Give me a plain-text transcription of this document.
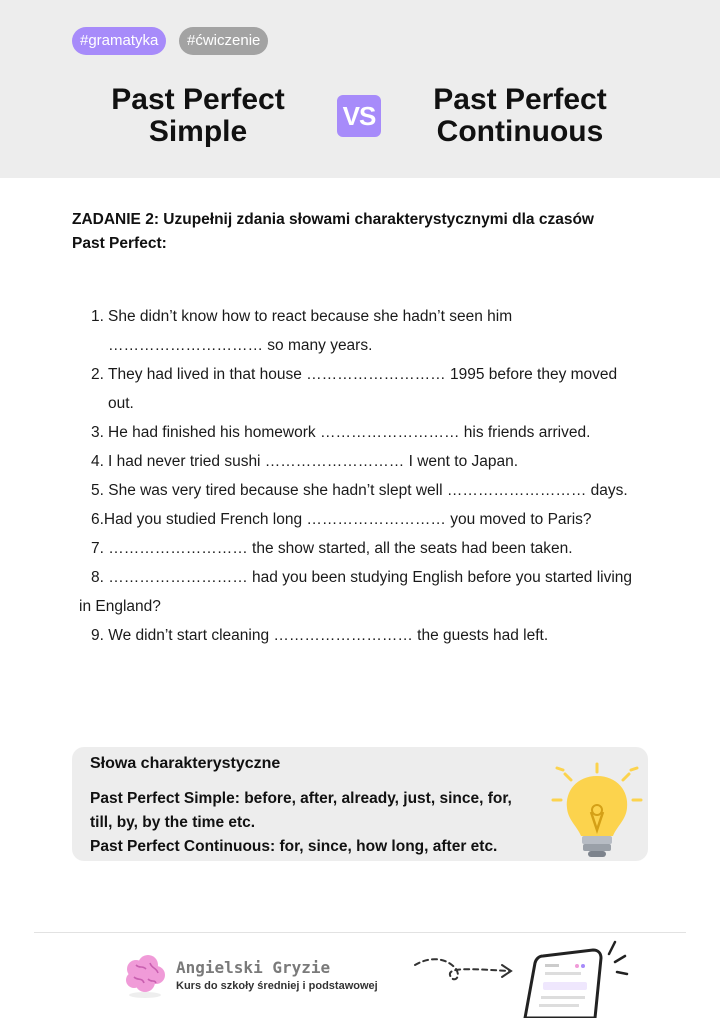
#gramatyka	#ćwiczenie
Past Perfect
Simple	VS	Past Perfect
Continuous
ZADANIE 2: Uzupełnij zdania słowami charakterystycznymi dla czasów
Past Perfect:
1. She didn’t know how to react because she hadn’t seen him
………………………… so many years.
2. They had lived in that house ……………………… 1995 before they moved
out.
3. He had finished his homework ……………………… his friends arrived.
4. I had never tried sushi ……………………… I went to Japan.
5. She was very tired because she hadn’t slept well ……………………… days.
6.Had you studied French long ……………………… you moved to Paris?
7. ……………………… the show started, all the seats had been taken.
8. ……………………… had you been studying English before you started living
in England?
9. We didn’t start cleaning ……………………… the guests had left.
Słowa charakterystyczne
Past Perfect Simple: before, after, already, just, since, for,
till, by, by the time etc.
Past Perfect Continuous: for, since, how long, after etc.
Angielski Gryzie
Kurs do szkoły średniej i podstawowej
